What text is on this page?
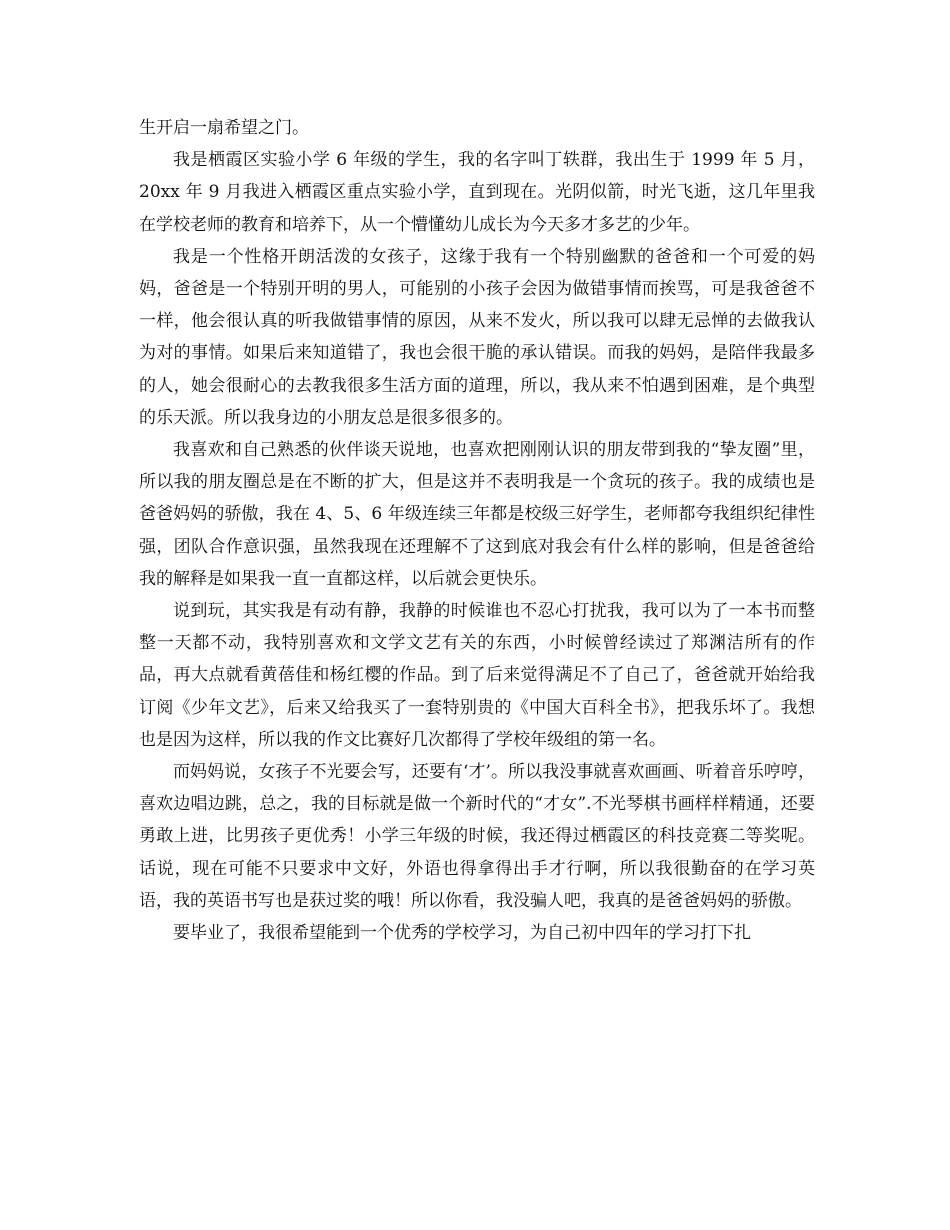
生开启一扇希望之门。

我是栖霞区实验小学 6 年级的学生，我的名字叫丁轶群，我出生于 1999 年 5 月，20xx 年 9 月我进入栖霞区重点实验小学，直到现在。光阴似箭，时光飞逝，这几年里我在学校老师的教育和培养下，从一个懵懂幼儿成长为今天多才多艺的少年。

我是一个性格开朗活泼的女孩子，这缘于我有一个特别幽默的爸爸和一个可爱的妈妈，爸爸是一个特别开明的男人，可能别的小孩子会因为做错事情而挨骂，可是我爸爸不一样，他会很认真的听我做错事情的原因，从来不发火，所以我可以肆无忌惮的去做我认为对的事情。如果后来知道错了，我也会很干脆的承认错误。而我的妈妈，是陪伴我最多的人，她会很耐心的去教我很多生活方面的道理，所以，我从来不怕遇到困难，是个典型的乐天派。所以我身边的小朋友总是很多很多的。

我喜欢和自己熟悉的伙伴谈天说地，也喜欢把刚刚认识的朋友带到我的“挚友圈”里，所以我的朋友圈总是在不断的扩大，但是这并不表明我是一个贪玩的孩子。我的成绩也是爸爸妈妈的骄傲，我在 4、5、6 年级连续三年都是校级三好学生，老师都夸我组织纪律性强，团队合作意识强，虽然我现在还理解不了这到底对我会有什么样的影响，但是爸爸给我的解释是如果我一直一直都这样，以后就会更快乐。

说到玩，其实我是有动有静，我静的时候谁也不忍心打扰我，我可以为了一本书而整整一天都不动，我特别喜欢和文学文艺有关的东西，小时候曾经读过了郑渊洁所有的作品，再大点就看黄蓓佳和杨红樱的作品。到了后来觉得满足不了自己了，爸爸就开始给我订阅《少年文艺》，后来又给我买了一套特别贵的《中国大百科全书》，把我乐坏了。我想也是因为这样，所以我的作文比赛好几次都得了学校年级组的第一名。

而妈妈说，女孩子不光要会写，还要有‘才’。所以我没事就喜欢画画、听着音乐哼哼，喜欢边唱边跳，总之，我的目标就是做一个新时代的“才女”.不光琴棋书画样样精通，还要勇敢上进，比男孩子更优秀！小学三年级的时候，我还得过栖霞区的科技竞赛二等奖呢。话说，现在可能不只要求中文好，外语也得拿得出手才行啊，所以我很勤奋的在学习英语，我的英语书写也是获过奖的哦！所以你看，我没骗人吧，我真的是爸爸妈妈的骄傲。

要毕业了，我很希望能到一个优秀的学校学习，为自己初中四年的学习打下扎
